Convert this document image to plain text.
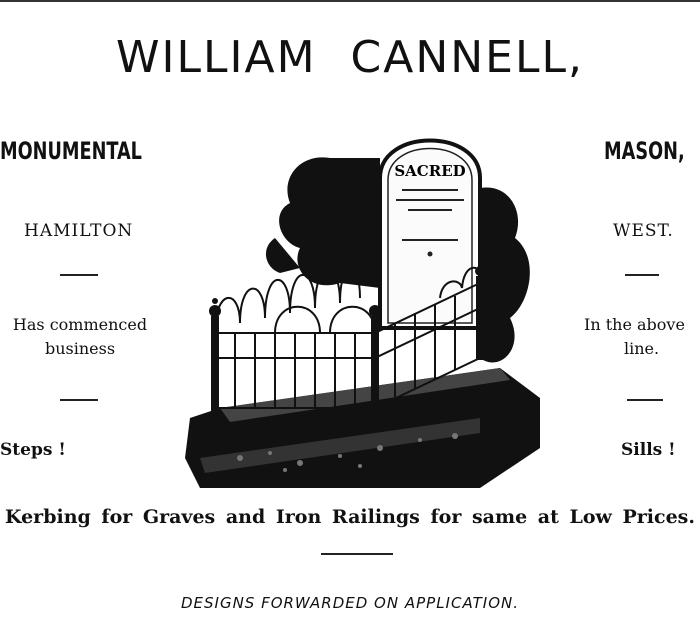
WILLIAM CANNELL,
MONUMENTAL
HAMILTON
Has commenced
business
Steps !
MASON,
WEST.
In the above
line.
Sills !
SACRED
Kerbing for Graves and Iron Railings for same at Low Prices.
DESIGNS FORWARDED ON APPLICATION.
